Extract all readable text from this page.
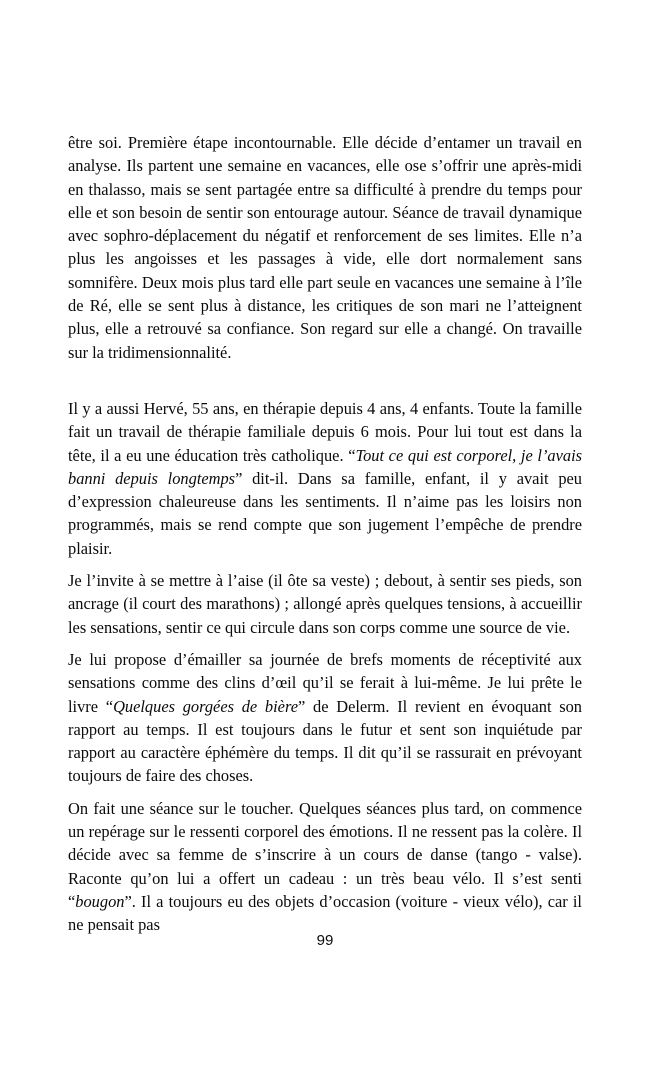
être soi. Première étape incontournable. Elle décide d’entamer un travail en analyse. Ils partent une semaine en vacances, elle ose s’offrir une après-midi en thalasso, mais se sent partagée entre sa difficulté à prendre du temps pour elle et son besoin de sentir son entourage autour. Séance de travail dynamique avec sophro-déplacement du négatif et renforcement de ses limites. Elle n’a plus les angoisses et les passages à vide, elle dort normalement sans somnifère. Deux mois plus tard elle part seule en vacances une semaine à l’île de Ré, elle se sent plus à distance, les critiques de son mari ne l’atteignent plus, elle a retrouvé sa confiance. Son regard sur elle a changé. On travaille sur la tridimensionnalité.

Il y a aussi Hervé, 55 ans, en thérapie depuis 4 ans, 4 enfants. Toute la famille fait un travail de thérapie familiale depuis 6 mois. Pour lui tout est dans la tête, il a eu une éducation très catholique. “Tout ce qui est corporel, je l’avais banni depuis longtemps” dit-il. Dans sa famille, enfant, il y avait peu d’expression chaleureuse dans les sentiments. Il n’aime pas les loisirs non programmés, mais se rend compte que son jugement l’empêche de prendre plaisir.

Je l’invite à se mettre à l’aise (il ôte sa veste) ; debout, à sentir ses pieds, son ancrage (il court des marathons) ; allongé après quelques tensions, à accueillir les sensations, sentir ce qui circule dans son corps comme une source de vie.

Je lui propose d’émailler sa journée de brefs moments de réceptivité aux sensations comme des clins d’œil qu’il se ferait à lui-même. Je lui prête le livre “Quelques gorgées de bière” de Delerm. Il revient en évoquant son rapport au temps. Il est toujours dans le futur et sent son inquiétude par rapport au caractère éphémère du temps. Il dit qu’il se rassurait en prévoyant toujours de faire des choses.

On fait une séance sur le toucher. Quelques séances plus tard, on commence un repérage sur le ressenti corporel des émotions. Il ne ressent pas la colère. Il décide avec sa femme de s’inscrire à un cours de danse (tango - valse). Raconte qu’on lui a offert un cadeau : un très beau vélo. Il s’est senti “bougon”. Il a toujours eu des objets d’occasion (voiture - vieux vélo), car il ne pensait pas

99
